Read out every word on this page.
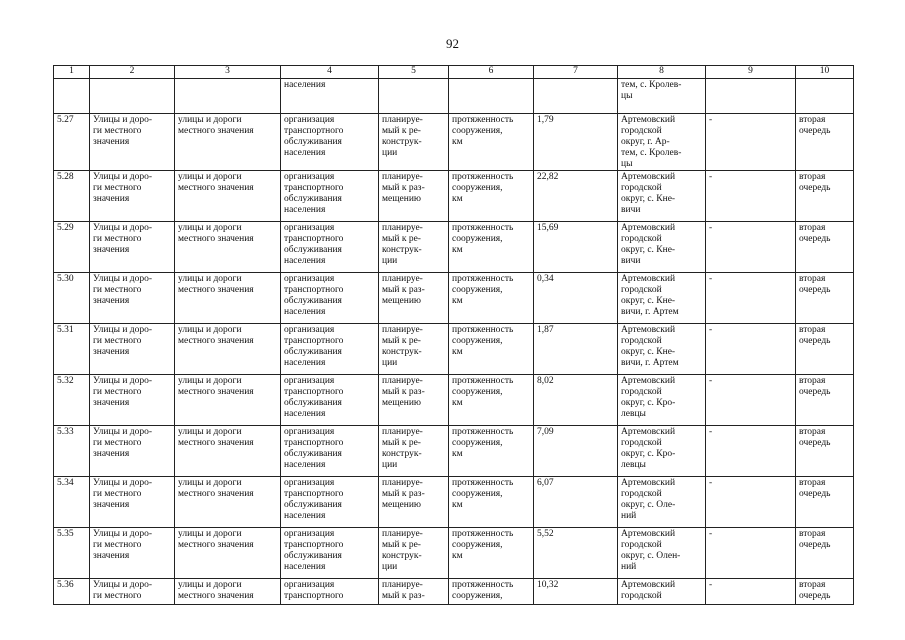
92
1	2	3	4	5	6	7	8	9	10
			населения				тем, с. Кролев-
цы		
5.27	Улицы и доро-
ги местного
значения	улицы и дороги
местного значения	организация
транспортного
обслуживания
населения	планируе-
мый к ре-
конструк-
ции	протяженность
сооружения,
км	1,79	Артемовский
городской
округ, г. Ар-
тем, с. Кролев-
цы	-	вторая
очередь
5.28	Улицы и доро-
ги местного
значения	улицы и дороги
местного значения	организация
транспортного
обслуживания
населения	планируе-
мый к раз-
мещению	протяженность
сооружения,
км	22,82	Артемовский
городской
округ, с. Кне-
вичи	-	вторая
очередь
5.29	Улицы и доро-
ги местного
значения	улицы и дороги
местного значения	организация
транспортного
обслуживания
населения	планируе-
мый к ре-
конструк-
ции	протяженность
сооружения,
км	15,69	Артемовский
городской
округ, с. Кне-
вичи	-	вторая
очередь
5.30	Улицы и доро-
ги местного
значения	улицы и дороги
местного значения	организация
транспортного
обслуживания
населения	планируе-
мый к раз-
мещению	протяженность
сооружения,
км	0,34	Артемовский
городской
округ, с. Кне-
вичи, г. Артем	-	вторая
очередь
5.31	Улицы и доро-
ги местного
значения	улицы и дороги
местного значения	организация
транспортного
обслуживания
населения	планируе-
мый к ре-
конструк-
ции	протяженность
сооружения,
км	1,87	Артемовский
городской
округ, с. Кне-
вичи, г. Артем	-	вторая
очередь
5.32	Улицы и доро-
ги местного
значения	улицы и дороги
местного значения	организация
транспортного
обслуживания
населения	планируе-
мый к раз-
мещению	протяженность
сооружения,
км	8,02	Артемовский
городской
округ, с. Кро-
левцы	-	вторая
очередь
5.33	Улицы и доро-
ги местного
значения	улицы и дороги
местного значения	организация
транспортного
обслуживания
населения	планируе-
мый к ре-
конструк-
ции	протяженность
сооружения,
км	7,09	Артемовский
городской
округ, с. Кро-
левцы	-	вторая
очередь
5.34	Улицы и доро-
ги местного
значения	улицы и дороги
местного значения	организация
транспортного
обслуживания
населения	планируе-
мый к раз-
мещению	протяженность
сооружения,
км	6,07	Артемовский
городской
округ, с. Оле-
ний	-	вторая
очередь
5.35	Улицы и доро-
ги местного
значения	улицы и дороги
местного значения	организация
транспортного
обслуживания
населения	планируе-
мый к ре-
конструк-
ции	протяженность
сооружения,
км	5,52	Артемовский
городской
округ, с. Олен-
ний	-	вторая
очередь
5.36	Улицы и доро-
ги местного	улицы и дороги
местного значения	организация
транспортного	планируе-
мый к раз-	протяженность
сооружения,	10,32	Артемовский
городской	-	вторая
очередь
